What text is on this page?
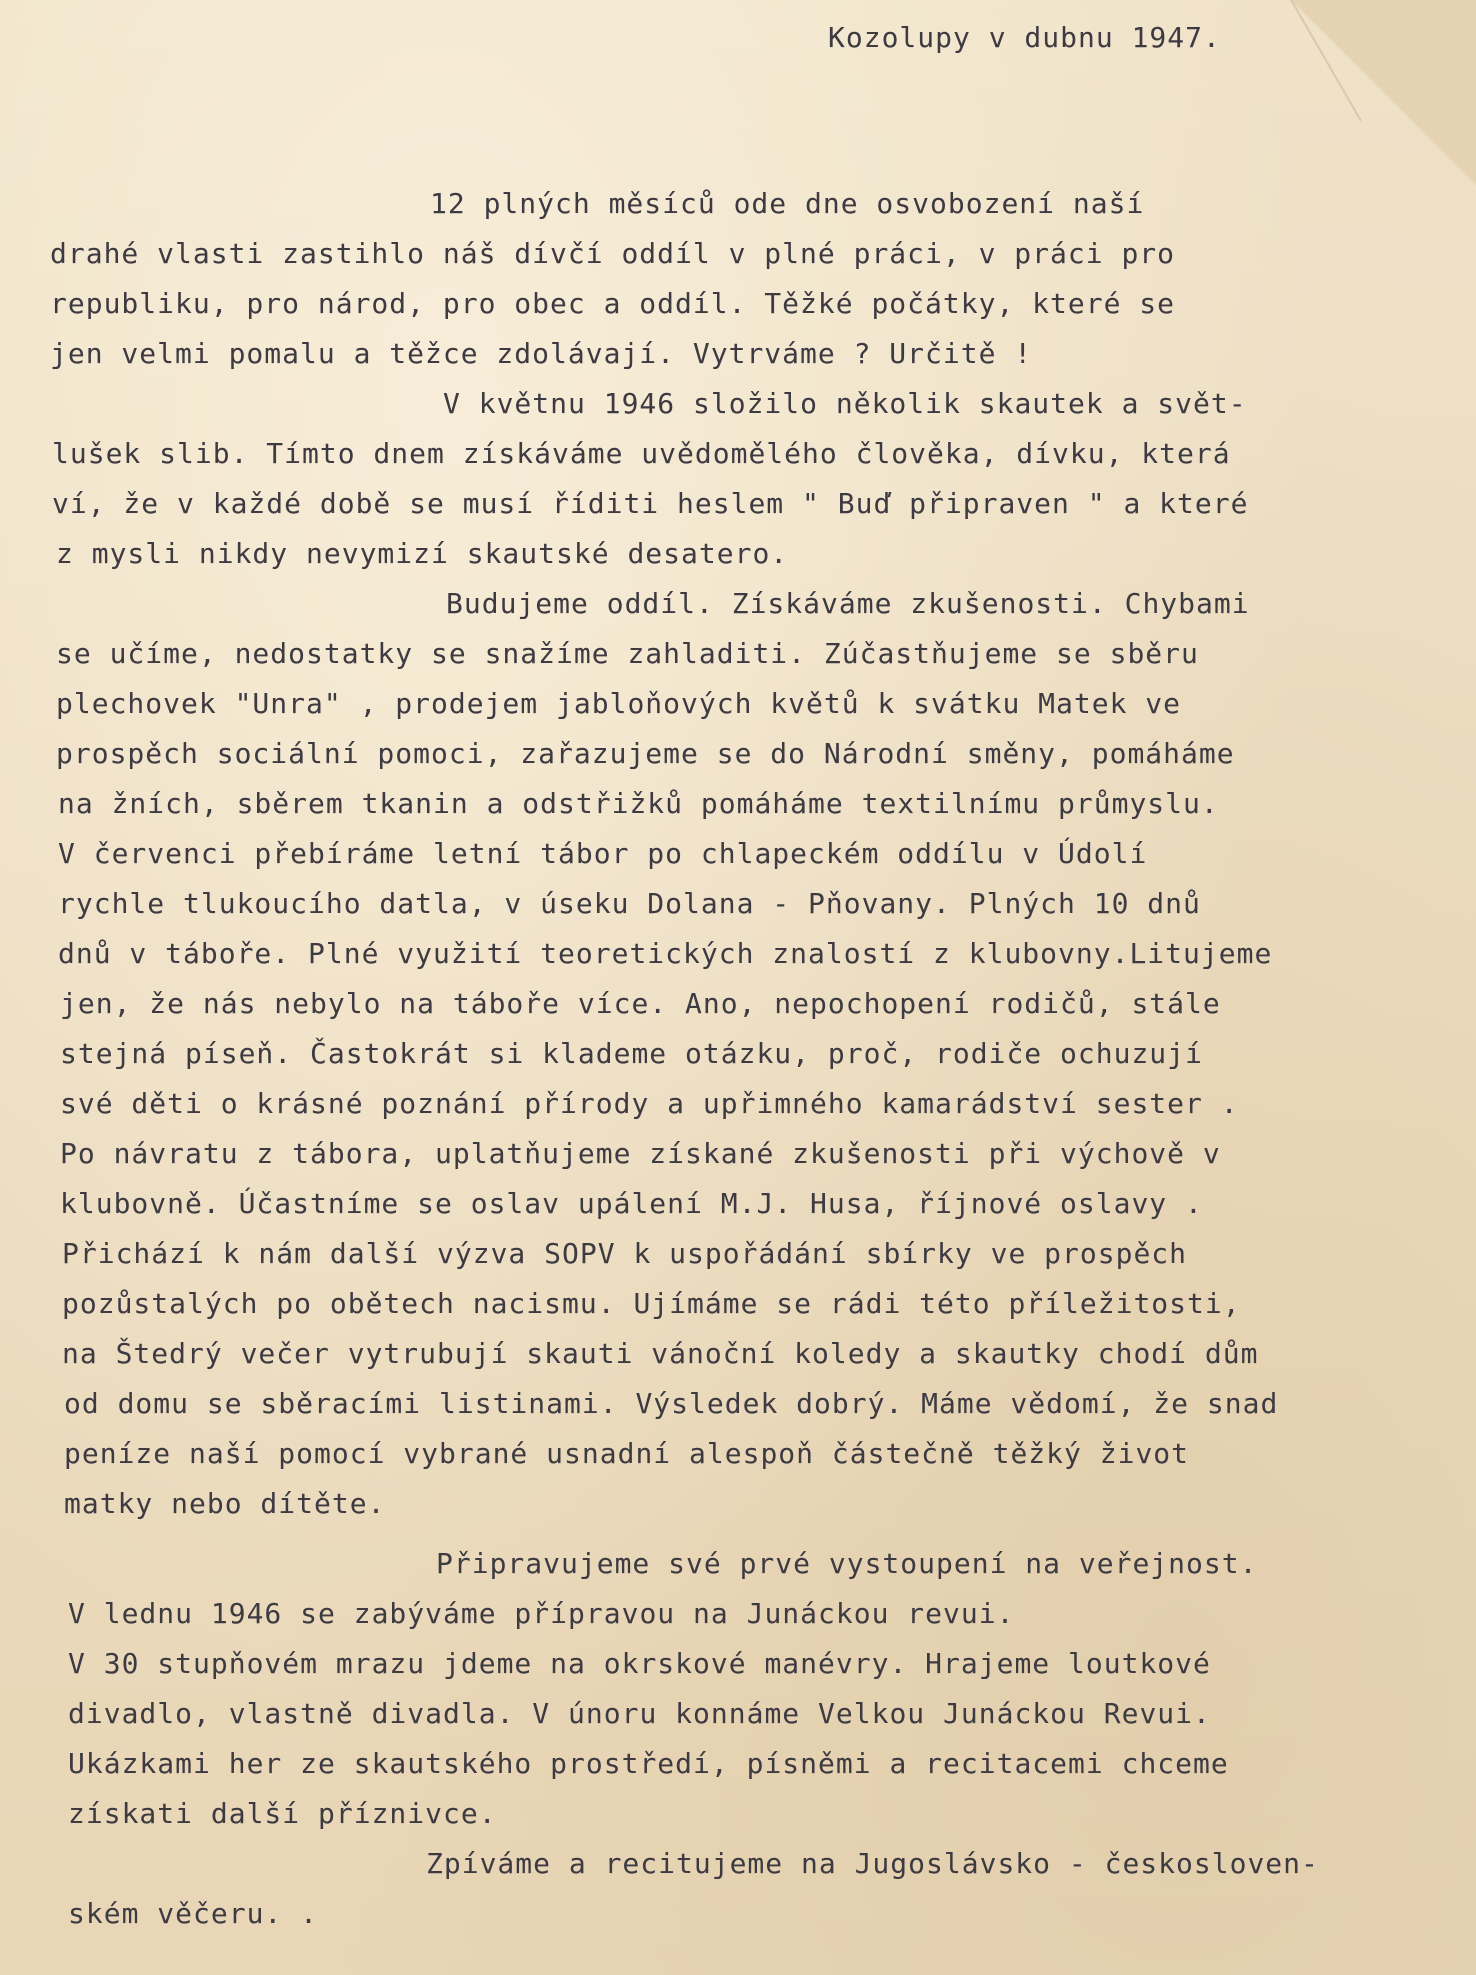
Kozolupy v dubnu 1947.

12 plných měsíců ode dne osvobození naší

drahé vlasti zastihlo náš dívčí oddíl v plné práci, v práci pro

republiku, pro národ, pro obec a oddíl. Těžké počátky, které se

jen velmi pomalu a těžce zdolávají. Vytrváme ? Určitě !

V květnu 1946 složilo několik skautek a svět-

lušek slib. Tímto dnem získáváme uvědomělého člověka, dívku, která

ví, že v každé době se musí říditi heslem " Buď připraven " a které

z mysli nikdy nevymizí skautské desatero.

Budujeme oddíl. Získáváme zkušenosti. Chybami

se učíme, nedostatky se snažíme zahladiti. Zúčastňujeme se sběru

plechovek "Unra" , prodejem jabloňových květů k svátku Matek ve

prospěch sociální pomoci, zařazujeme se do Národní směny, pomáháme

na žních, sběrem tkanin a odstřižků pomáháme textilnímu průmyslu.

V červenci přebíráme letní tábor po chlapeckém oddílu v Údolí

rychle tlukoucího datla, v úseku Dolana - Pňovany. Plných 10 dnů

dnů v táboře. Plné využití teoretických znalostí z klubovny.Litujeme

jen, že nás nebylo na táboře více. Ano, nepochopení rodičů, stále

stejná píseň. Častokrát si klademe otázku, proč, rodiče ochuzují

své děti o krásné poznání přírody a upřimného kamarádství sester .

Po návratu z tábora, uplatňujeme získané zkušenosti při výchově v

klubovně. Účastníme se oslav upálení M.J. Husa, říjnové oslavy .

Přichází k nám další výzva SOPV k uspořádání sbírky ve prospěch

pozůstalých po obětech nacismu. Ujímáme se rádi této příležitosti,

na Štedrý večer vytrubují skauti vánoční koledy a skautky chodí dům

od domu se sběracími listinami. Výsledek dobrý. Máme vědomí, že snad

peníze naší pomocí vybrané usnadní alespoň částečně těžký život

matky nebo dítěte.

Připravujeme své prvé vystoupení na veřejnost.

V lednu 1946 se zabýváme přípravou na Junáckou revui.

V 30 stupňovém mrazu jdeme na okrskové manévry. Hrajeme loutkové

divadlo, vlastně divadla. V únoru konnáme Velkou Junáckou Revui.

Ukázkami her ze skautského prostředí, písněmi a recitacemi chceme

získati další příznivce.

Zpíváme a recitujeme na Jugoslávsko - českosloven-

ském věčeru. .
